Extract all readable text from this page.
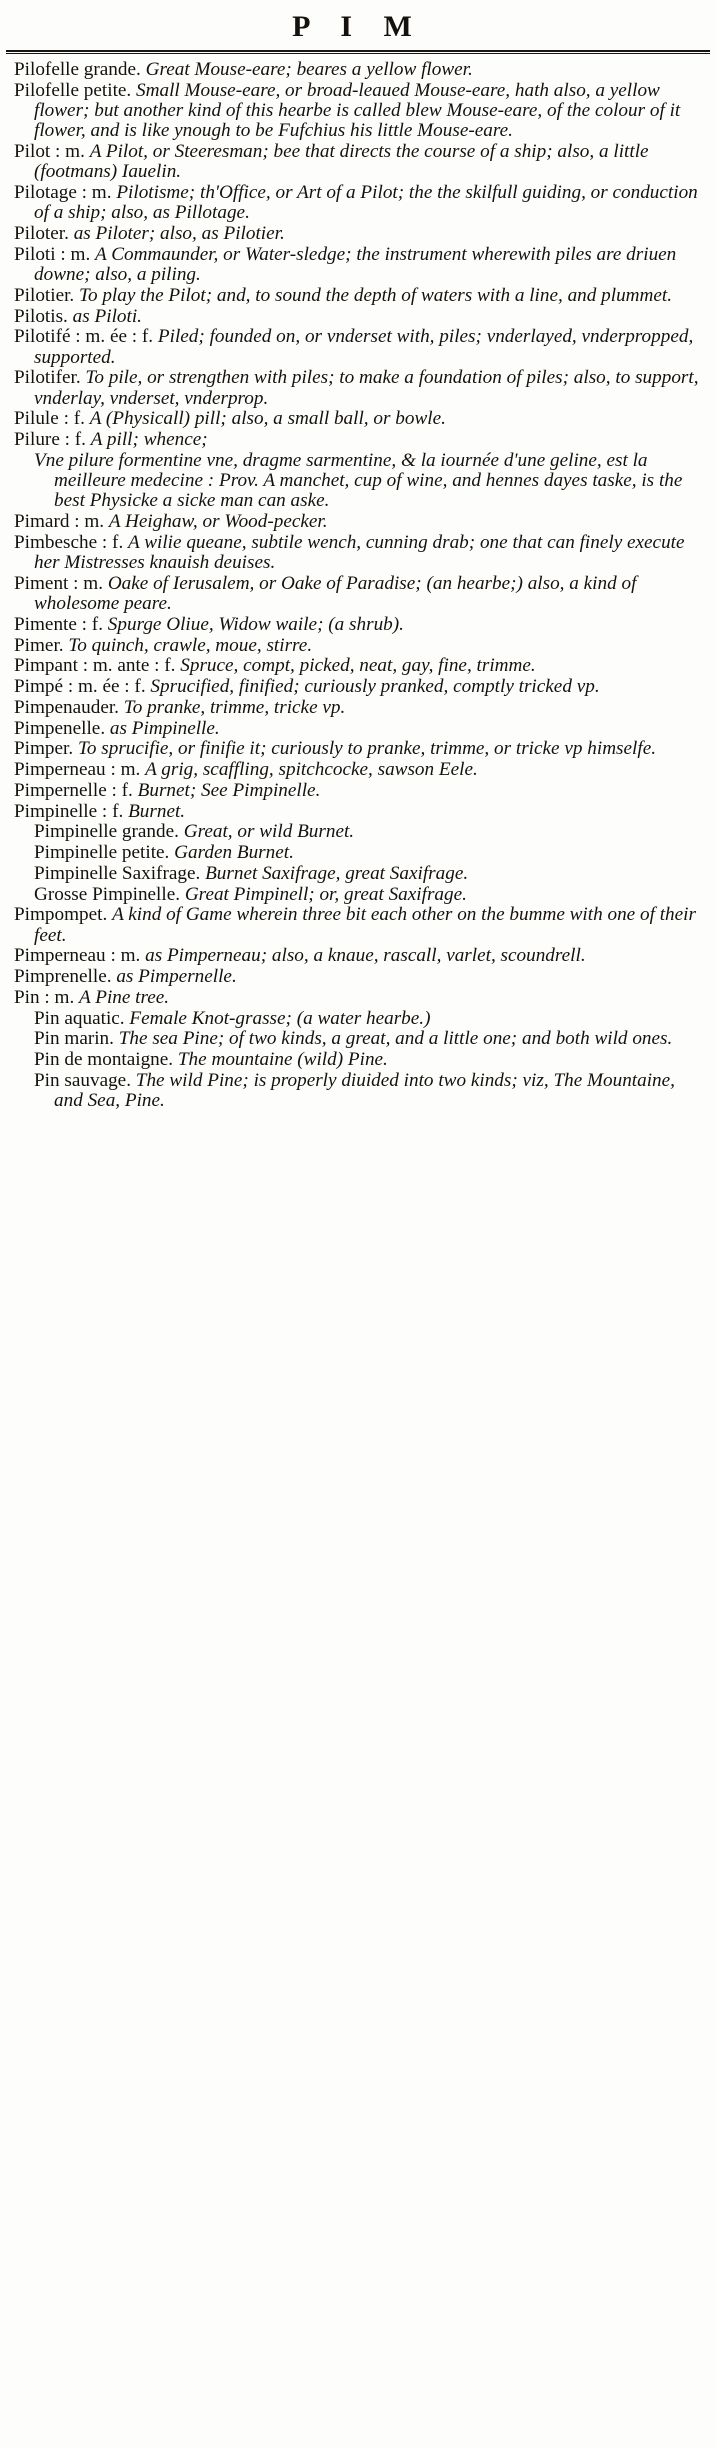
P I M

Pilofelle grande. Great Mouse-eare; beares a yellow flower.

Pilofelle petite. Small Mouse-eare, or broad-leaued Mouse-eare, hath also, a yellow flower; but another kind of this hearbe is called blew Mouse-eare, of the colour of it flower, and is like ynough to be Fufchius his little Mouse-eare.

Pilot : m. A Pilot, or Steeresman; bee that directs the course of a ship; also, a little (footmans) Iauelin.

Pilotage : m. Pilotisme; th'Office, or Art of a Pilot; the the skilfull guiding, or conduction of a ship; also, as Pillotage.

Piloter. as Piloter; also, as Pilotier.

Piloti : m. A Commaunder, or Water-sledge; the instrument wherewith piles are driuen downe; also, a piling.

Pilotier. To play the Pilot; and, to sound the depth of waters with a line, and plummet.

Pilotis. as Piloti.

Pilotifé : m. ée : f. Piled; founded on, or vnderset with, piles; vnderlayed, vnderpropped, supported.

Pilotifer. To pile, or strengthen with piles; to make a foundation of piles; also, to support, vnderlay, vnderset, vnderprop.

Pilule : f. A (Physicall) pill; also, a small ball, or bowle.

Pilure : f. A pill; whence;

Vne pilure formentine vne, dragme sarmentine, & la iournée d'une geline, est la meilleure medecine : Prov. A manchet, cup of wine, and hennes dayes taske, is the best Physicke a sicke man can aske.

Pimard : m. A Heighaw, or Wood-pecker.

Pimbesche : f. A wilie queane, subtile wench, cunning drab; one that can finely execute her Mistresses knauish deuises.

Piment : m. Oake of Ierusalem, or Oake of Paradise; (an hearbe;) also, a kind of wholesome peare.

Pimente : f. Spurge Oliue, Widow waile; (a shrub).

Pimer. To quinch, crawle, moue, stirre.

Pimpant : m. ante : f. Spruce, compt, picked, neat, gay, fine, trimme.

Pimpé : m. ée : f. Sprucified, finified; curiously pranked, comptly tricked vp.

Pimpenauder. To pranke, trimme, tricke vp.

Pimpenelle. as Pimpinelle.

Pimper. To sprucifie, or finifie it; curiously to pranke, trimme, or tricke vp himselfe.

Pimperneau : m. A grig, scaffling, spitchcocke, sawson Eele.

Pimpernelle : f. Burnet; See Pimpinelle.

Pimpinelle : f. Burnet.

Pimpinelle grande. Great, or wild Burnet.

Pimpinelle petite. Garden Burnet.

Pimpinelle Saxifrage. Burnet Saxifrage, great Saxifrage.

Grosse Pimpinelle. Great Pimpinell; or, great Saxifrage.

Pimpompet. A kind of Game wherein three bit each other on the bumme with one of their feet.

Pimperneau : m. as Pimperneau; also, a knaue, rascall, varlet, scoundrell.

Pimprenelle. as Pimpernelle.

Pin : m. A Pine tree.

Pin aquatic. Female Knot-grasse; (a water hearbe.)

Pin marin. The sea Pine; of two kinds, a great, and a little one; and both wild ones.

Pin de montaigne. The mountaine (wild) Pine.

Pin sauvage. The wild Pine; is properly diuided into two kinds; viz, The Mountaine, and Sea, Pine.
